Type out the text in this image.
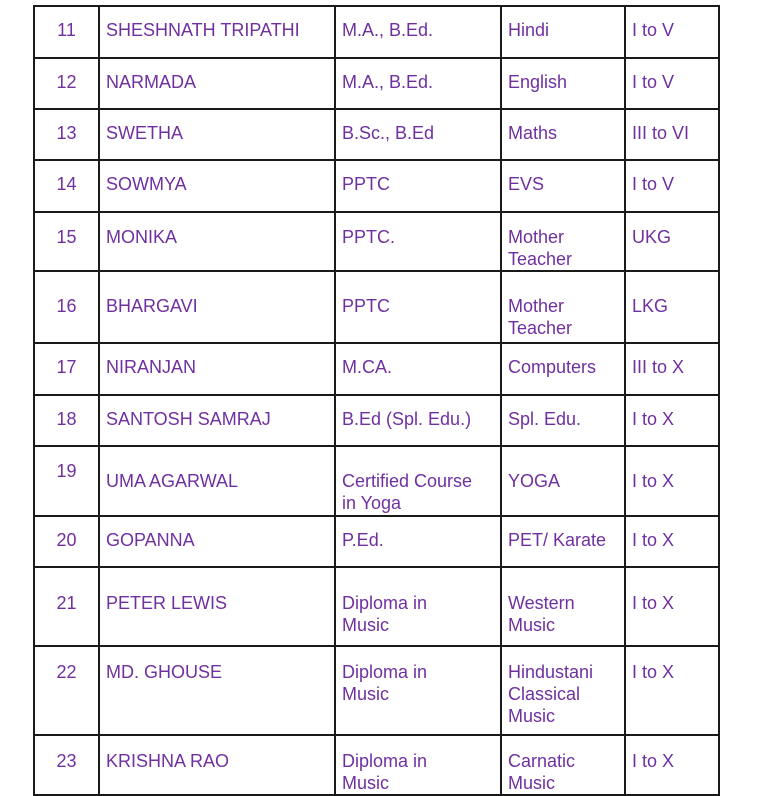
11	SHESHNATH TRIPATHI	M.A., B.Ed.	Hindi	I to V

12	NARMADA	M.A., B.Ed.	English	I to V

13	SWETHA	B.Sc., B.Ed	Maths	III to VI

14	SOWMYA	PPTC	EVS	I to V

15	MONIKA	PPTC.	Mother
Teacher	UKG

16	BHARGAVI	PPTC	Mother
Teacher	LKG

17	NIRANJAN	M.CA.	Computers	III to X

18	SANTOSH SAMRAJ	B.Ed (Spl. Edu.)	Spl. Edu.	I to X

19	UMA AGARWAL	Certified Course
in Yoga	YOGA	I to X

20	GOPANNA	P.Ed.	PET/ Karate	I to X

21	PETER LEWIS	Diploma in
Music	Western
Music	I to X

22	MD. GHOUSE	Diploma in
Music	Hindustani
Classical
Music	I to X

23	KRISHNA RAO	Diploma in
Music	Carnatic
Music	I to X
